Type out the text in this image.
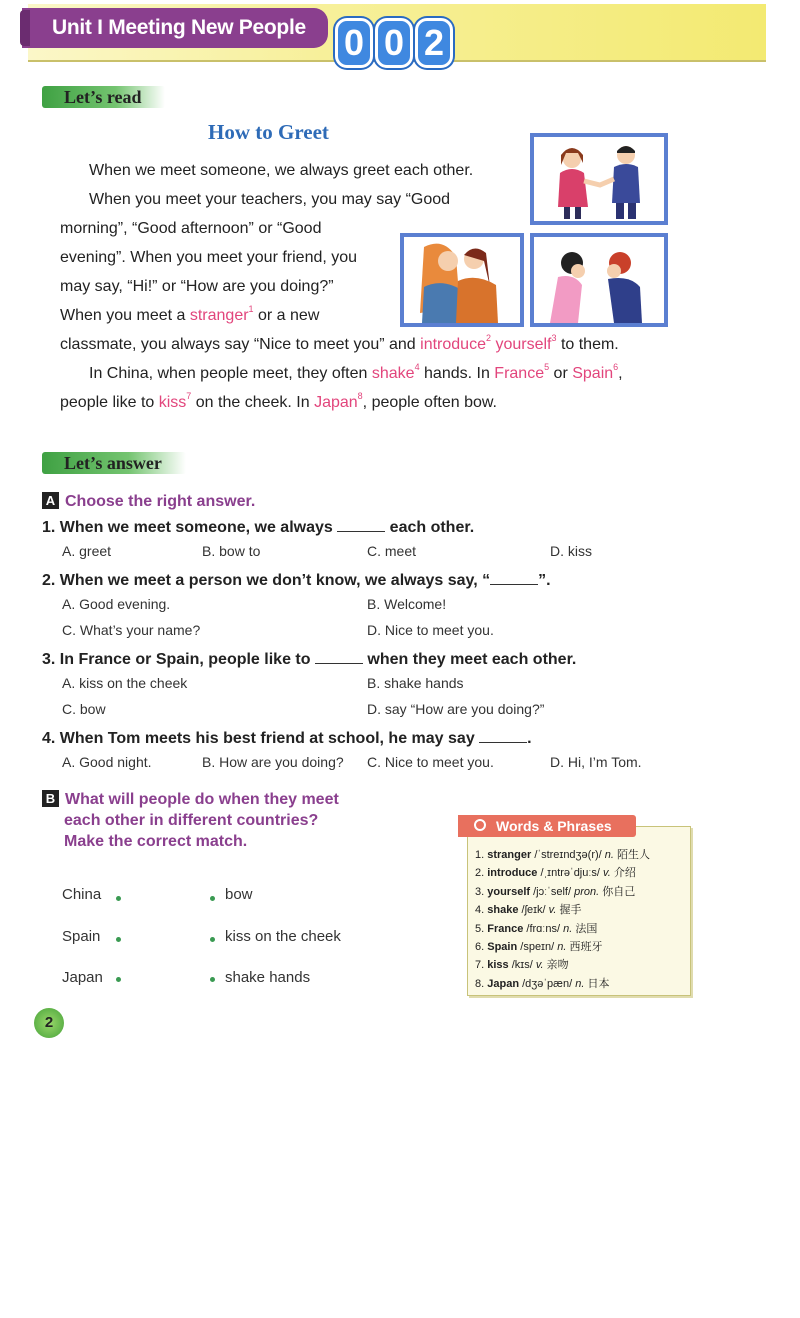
Unit I Meeting New People	0 0 2
Let’s read
How to Greet
When we meet someone, we always greet each other.
When you meet your teachers, you may say “Good
morning”, “Good afternoon” or “Good
evening”. When you meet your friend, you
may say, “Hi!” or “How are you doing?”
When you meet a stranger$^1$ or a new
classmate, you always say “Nice to meet you” and introduce$^2$ yourself$^3$ to them.
In China, when people meet, they often shake$^4$ hands. In France$^5$ or Spain$^6$,
people like to kiss$^7$ on the cheek. In Japan$^8$, people often bow.
Let’s answer
A Choose the right answer.
1. When we meet someone, we always	each other.
A. greet	B. bow to	C. meet	D. kiss
2. When we meet a person we don’t know, we always say, “	”.
A. Good evening.	B. Welcome!
C. What’s your name?	D. Nice to meet you.
3. In France or Spain, people like to	when they meet each other.
A. kiss on the cheek	B. shake hands
C. bow	D. say “How are you doing?”
4. When Tom meets his best friend at school, he may say	.
A. Good night.	B. How are you doing? C. Nice to meet you.	D. Hi, I’m Tom.
B What will people do when they meet
each other in different countries?
Make the correct match.
China
Spain
Japan
bow
kiss on the cheek
shake hands
Words & Phrases
1. stranger /ˈstreɪndʒə(r)/ n. 陌生人
2. introduce /ˌɪntrəˈdjuːs/ v. 介绍
3. yourself /jɔːˈself/ pron. 你自己
4. shake /ʃeɪk/ v. 握手
5. France /frɑːns/ n. 法国
6. Spain /speɪn/ n. 西班牙
7. kiss /kɪs/ v. 亲吻
8. Japan /dʒəˈpæn/ n. 日本
2
